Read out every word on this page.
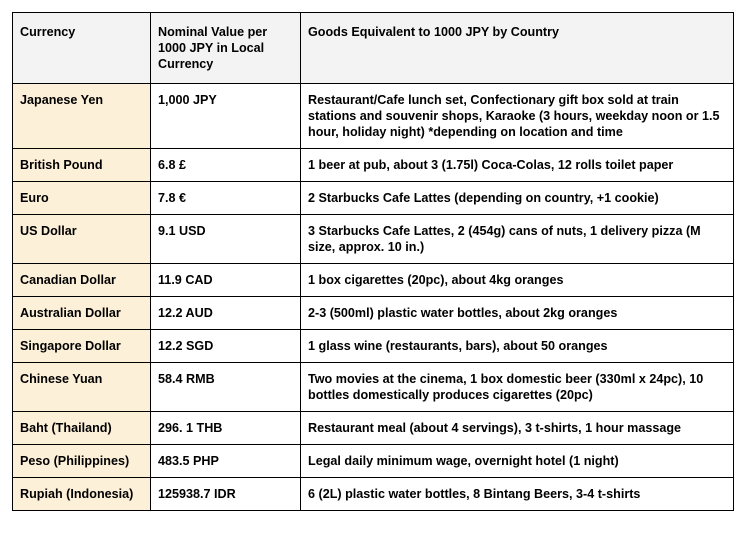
Currency	Nominal Value per 1000 JPY in Local Currency	Goods Equivalent to 1000 JPY by Country
Japanese Yen	1,000 JPY	Restaurant/Cafe lunch set, Confectionary gift box sold at train stations and souvenir shops, Karaoke (3 hours, weekday noon or 1.5 hour, holiday night) *depending on location and time
British Pound	6.8 £	1 beer at pub, about 3 (1.75l) Coca-Colas, 12 rolls toilet paper
Euro	7.8 €	2 Starbucks Cafe Lattes (depending on country, +1 cookie)
US Dollar	9.1 USD	3 Starbucks Cafe Lattes, 2 (454g) cans of nuts, 1 delivery pizza (M size, approx. 10 in.)
Canadian Dollar	11.9 CAD	1 box cigarettes (20pc), about 4kg oranges
Australian Dollar	12.2 AUD	2-3 (500ml) plastic water bottles, about 2kg oranges
Singapore Dollar	12.2 SGD	1 glass wine (restaurants, bars), about 50 oranges
Chinese Yuan	58.4 RMB	Two movies at the cinema, 1 box domestic beer (330ml x 24pc), 10 bottles domestically produces cigarettes (20pc)
Baht (Thailand)	296. 1 THB	Restaurant meal (about 4 servings), 3 t-shirts, 1 hour massage
Peso (Philippines)	483.5 PHP	Legal daily minimum wage, overnight hotel (1 night)
Rupiah (Indonesia)	125938.7 IDR	6 (2L) plastic water bottles, 8 Bintang Beers, 3-4 t-shirts
